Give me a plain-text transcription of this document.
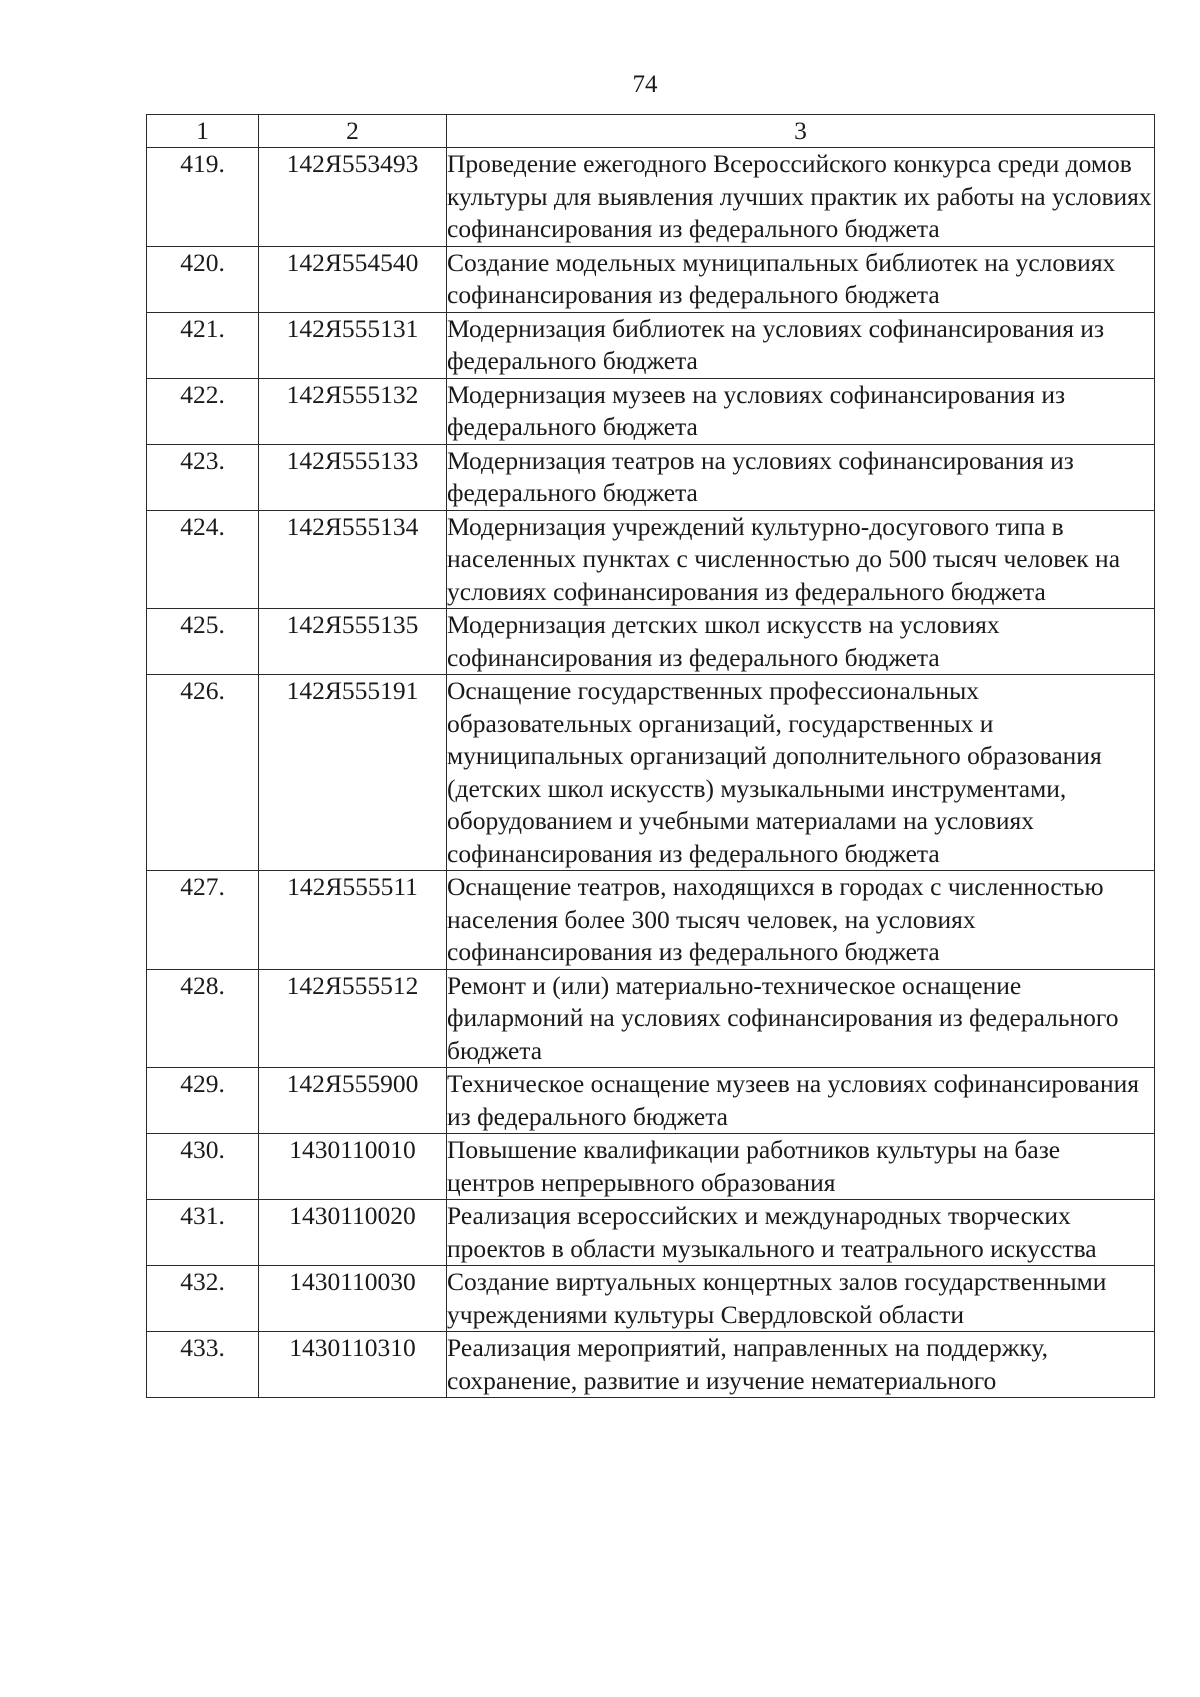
74
1	2	3
419.	142Я553493	Проведение ежегодного Всероссийского конкурса среди домов культуры для выявления лучших практик их работы на условиях софинансирования из федерального бюджета
420.	142Я554540	Создание модельных муниципальных библиотек на условиях софинансирования из федерального бюджета
421.	142Я555131	Модернизация библиотек на условиях софинансирования из федерального бюджета
422.	142Я555132	Модернизация музеев на условиях софинансирования из федерального бюджета
423.	142Я555133	Модернизация театров на условиях софинансирования из федерального бюджета
424.	142Я555134	Модернизация учреждений культурно-досугового типа в населенных пунктах с численностью до 500 тысяч человек на условиях софинансирования из федерального бюджета
425.	142Я555135	Модернизация детских школ искусств на условиях софинансирования из федерального бюджета
426.	142Я555191	Оснащение государственных профессиональных образовательных организаций, государственных и муниципальных организаций дополнительного образования (детских школ искусств) музыкальными инструментами, оборудованием и учебными материалами на условиях софинансирования из федерального бюджета
427.	142Я555511	Оснащение театров, находящихся в городах с численностью населения более 300 тысяч человек, на условиях софинансирования из федерального бюджета
428.	142Я555512	Ремонт и (или) материально-техническое оснащение филармоний на условиях софинансирования из федерального бюджета
429.	142Я555900	Техническое оснащение музеев на условиях софинансирования из федерального бюджета
430.	1430110010	Повышение квалификации работников культуры на базе центров непрерывного образования
431.	1430110020	Реализация всероссийских и международных творческих проектов в области музыкального и театрального искусства
432.	1430110030	Создание виртуальных концертных залов государственными учреждениями культуры Свердловской области
433.	1430110310	Реализация мероприятий, направленных на поддержку, сохранение, развитие и изучение нематериального
